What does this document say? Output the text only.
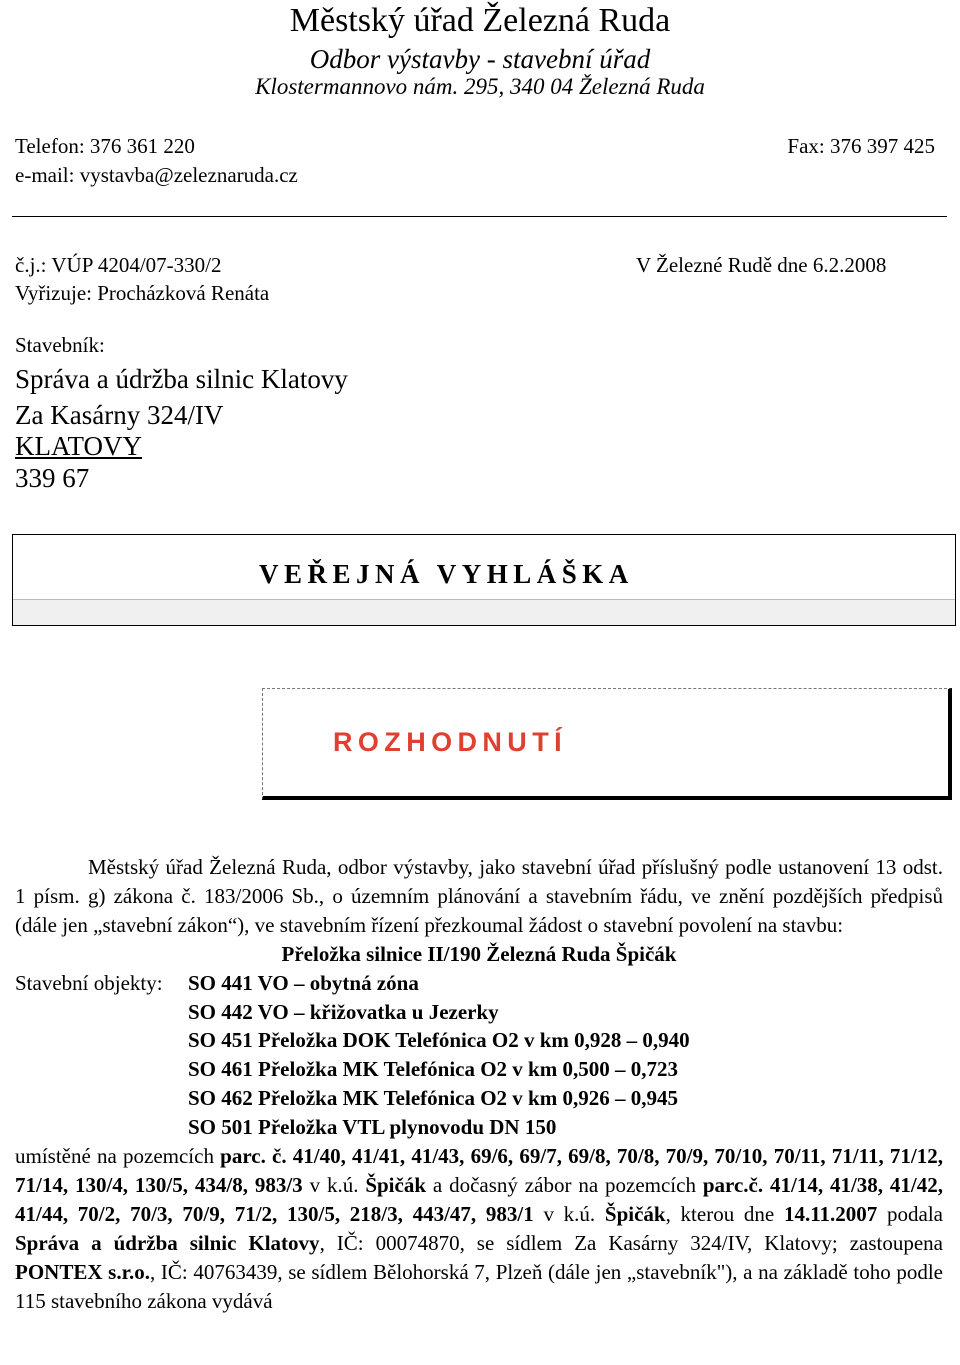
Městský úřad Železná Ruda
Odbor výstavby - stavební úřad
Klostermannovo nám. 295, 340 04 Železná Ruda
Telefon: 376 361 220	Fax: 376 397 425
e-mail: vystavba@zeleznaruda.cz
č.j.: VÚP 4204/07-330/2	V Železné Rudě dne 6.2.2008
Vyřizuje: Procházková Renáta
Stavebník:
Správa a údržba silnic Klatovy
Za Kasárny 324/IV
KLATOVY
339 67
VEŘEJNÁ VYHLÁŠKA
ROZHODNUTÍ

Městský úřad Železná Ruda, odbor výstavby, jako stavební úřad příslušný podle ustanovení 13 odst. 1 písm. g) zákona č. 183/2006 Sb., o územním plánování a stavebním řádu, ve znění pozdějších předpisů (dále jen „stavební zákon“), ve stavebním řízení přezkoumal žádost o stavební povolení na stavbu:

Přeložka silnice II/190 Železná Ruda Špičák

Stavební objekty:	SO 441 VO – obytná zóna

SO 442 VO – křižovatka u Jezerky

SO 451 Přeložka DOK Telefónica O2 v km 0,928 – 0,940

SO 461 Přeložka MK Telefónica O2 v km 0,500 – 0,723

SO 462 Přeložka MK Telefónica O2 v km 0,926 – 0,945

SO 501 Přeložka VTL plynovodu DN 150

umístěné na pozemcích parc. č. 41/40, 41/41, 41/43, 69/6, 69/7, 69/8, 70/8, 70/9, 70/10, 70/11, 71/11, 71/12, 71/14, 130/4, 130/5, 434/8, 983/3 v k.ú. Špičák a dočasný zábor na pozemcích parc.č. 41/14, 41/38, 41/42, 41/44, 70/2, 70/3, 70/9, 71/2, 130/5, 218/3, 443/47, 983/1 v k.ú. Špičák, kterou dne 14.11.2007 podala Správa a údržba silnic Klatovy, IČ: 00074870, se sídlem Za Kasárny 324/IV, Klatovy; zastoupena PONTEX s.r.o., IČ: 40763439, se sídlem Bělohorská 7, Plzeň (dále jen „stavebník"), a na základě toho podle 115 stavebního zákona vydává
